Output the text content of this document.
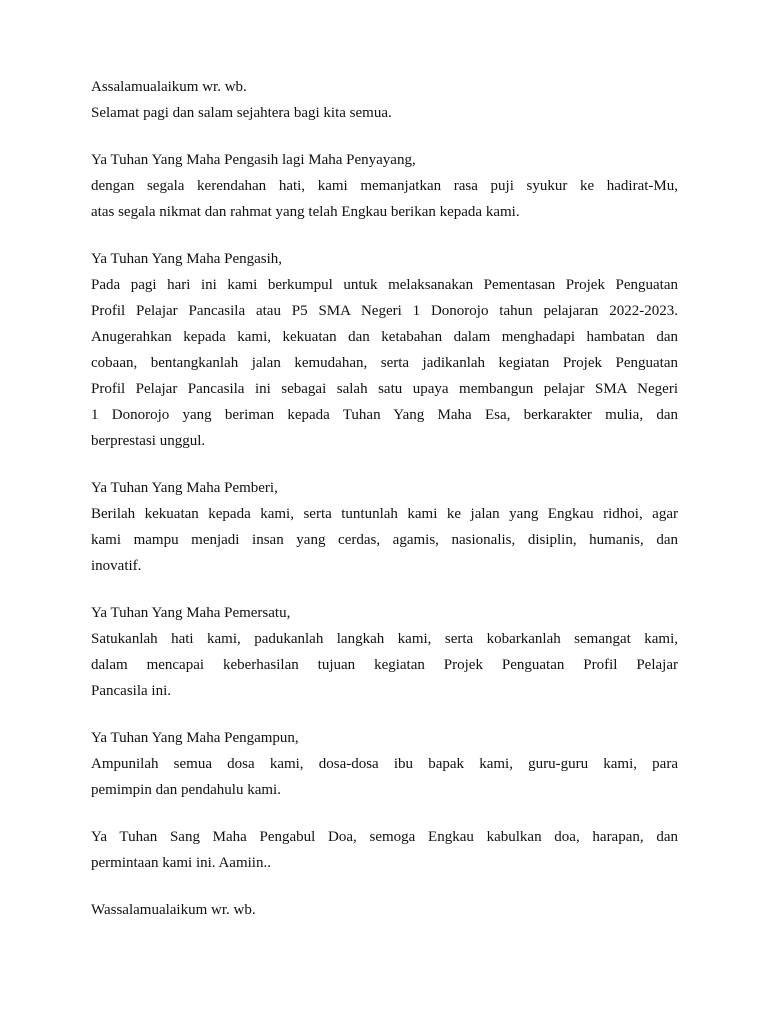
Assalamualaikum wr. wb.
Selamat pagi dan salam sejahtera bagi kita semua.
Ya Tuhan Yang Maha Pengasih lagi Maha Penyayang,
dengan segala kerendahan hati, kami memanjatkan rasa puji syukur ke hadirat-Mu,
atas segala nikmat dan rahmat yang telah Engkau berikan kepada kami.
Ya Tuhan Yang Maha Pengasih,
Pada pagi hari ini kami berkumpul untuk melaksanakan Pementasan Projek Penguatan
Profil Pelajar Pancasila atau P5 SMA Negeri 1 Donorojo tahun pelajaran 2022-2023.
Anugerahkan kepada kami, kekuatan dan ketabahan dalam menghadapi hambatan dan
cobaan, bentangkanlah jalan kemudahan, serta jadikanlah kegiatan Projek Penguatan
Profil Pelajar Pancasila ini sebagai salah satu upaya membangun pelajar SMA Negeri
1 Donorojo yang beriman kepada Tuhan Yang Maha Esa, berkarakter mulia, dan
berprestasi unggul.
Ya Tuhan Yang Maha Pemberi,
Berilah kekuatan kepada kami, serta tuntunlah kami ke jalan yang Engkau ridhoi, agar
kami mampu menjadi insan yang cerdas, agamis, nasionalis, disiplin, humanis, dan
inovatif.
Ya Tuhan Yang Maha Pemersatu,
Satukanlah hati kami, padukanlah langkah kami, serta kobarkanlah semangat kami,
dalam mencapai keberhasilan tujuan kegiatan Projek Penguatan Profil Pelajar
Pancasila ini.
Ya Tuhan Yang Maha Pengampun,
Ampunilah semua dosa kami, dosa-dosa ibu bapak kami, guru-guru kami, para
pemimpin dan pendahulu kami.
Ya Tuhan Sang Maha Pengabul Doa, semoga Engkau kabulkan doa, harapan, dan
permintaan kami ini. Aamiin..
Wassalamualaikum wr. wb.
